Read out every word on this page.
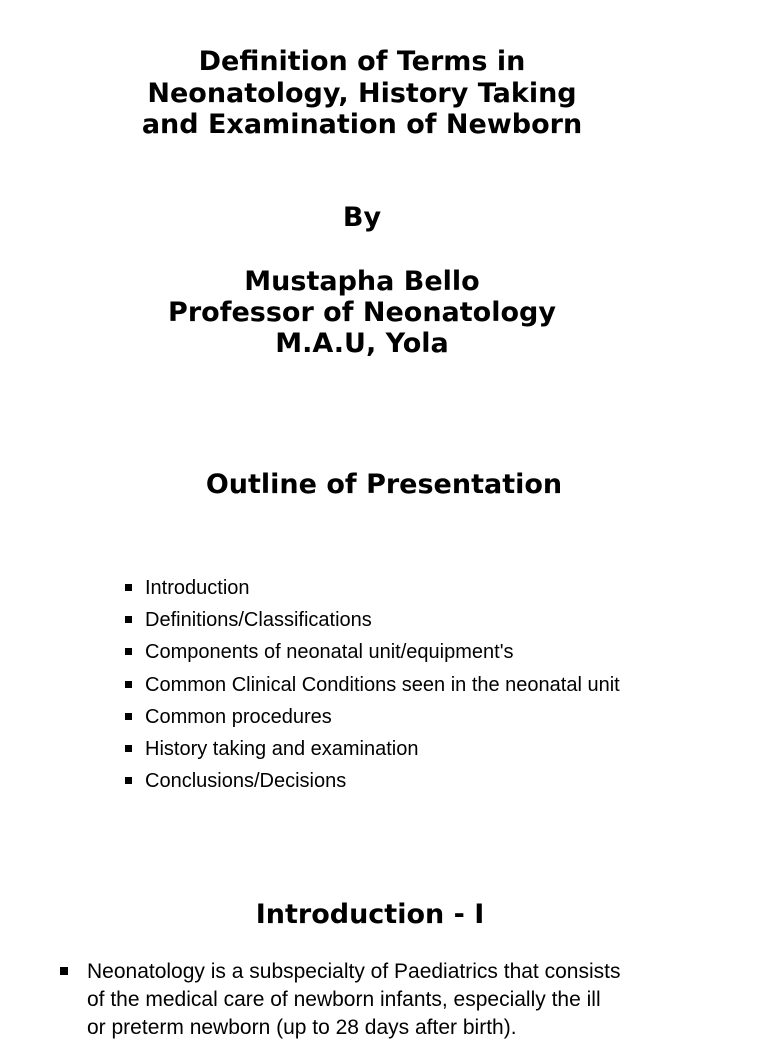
Definition of Terms in
Neonatology, History Taking
and Examination of Newborn
By
Mustapha Bello
Professor of Neonatology
M.A.U, Yola
Outline of Presentation
Introduction
Definitions/Classifications
Components of neonatal unit/equipment's
Common Clinical Conditions seen in the neonatal unit
Common procedures
History taking and examination
Conclusions/Decisions
Introduction - I
Neonatology is a subspecialty of Paediatrics that consists
of the medical care of newborn infants, especially the ill
or preterm newborn (up to 28 days after birth).
